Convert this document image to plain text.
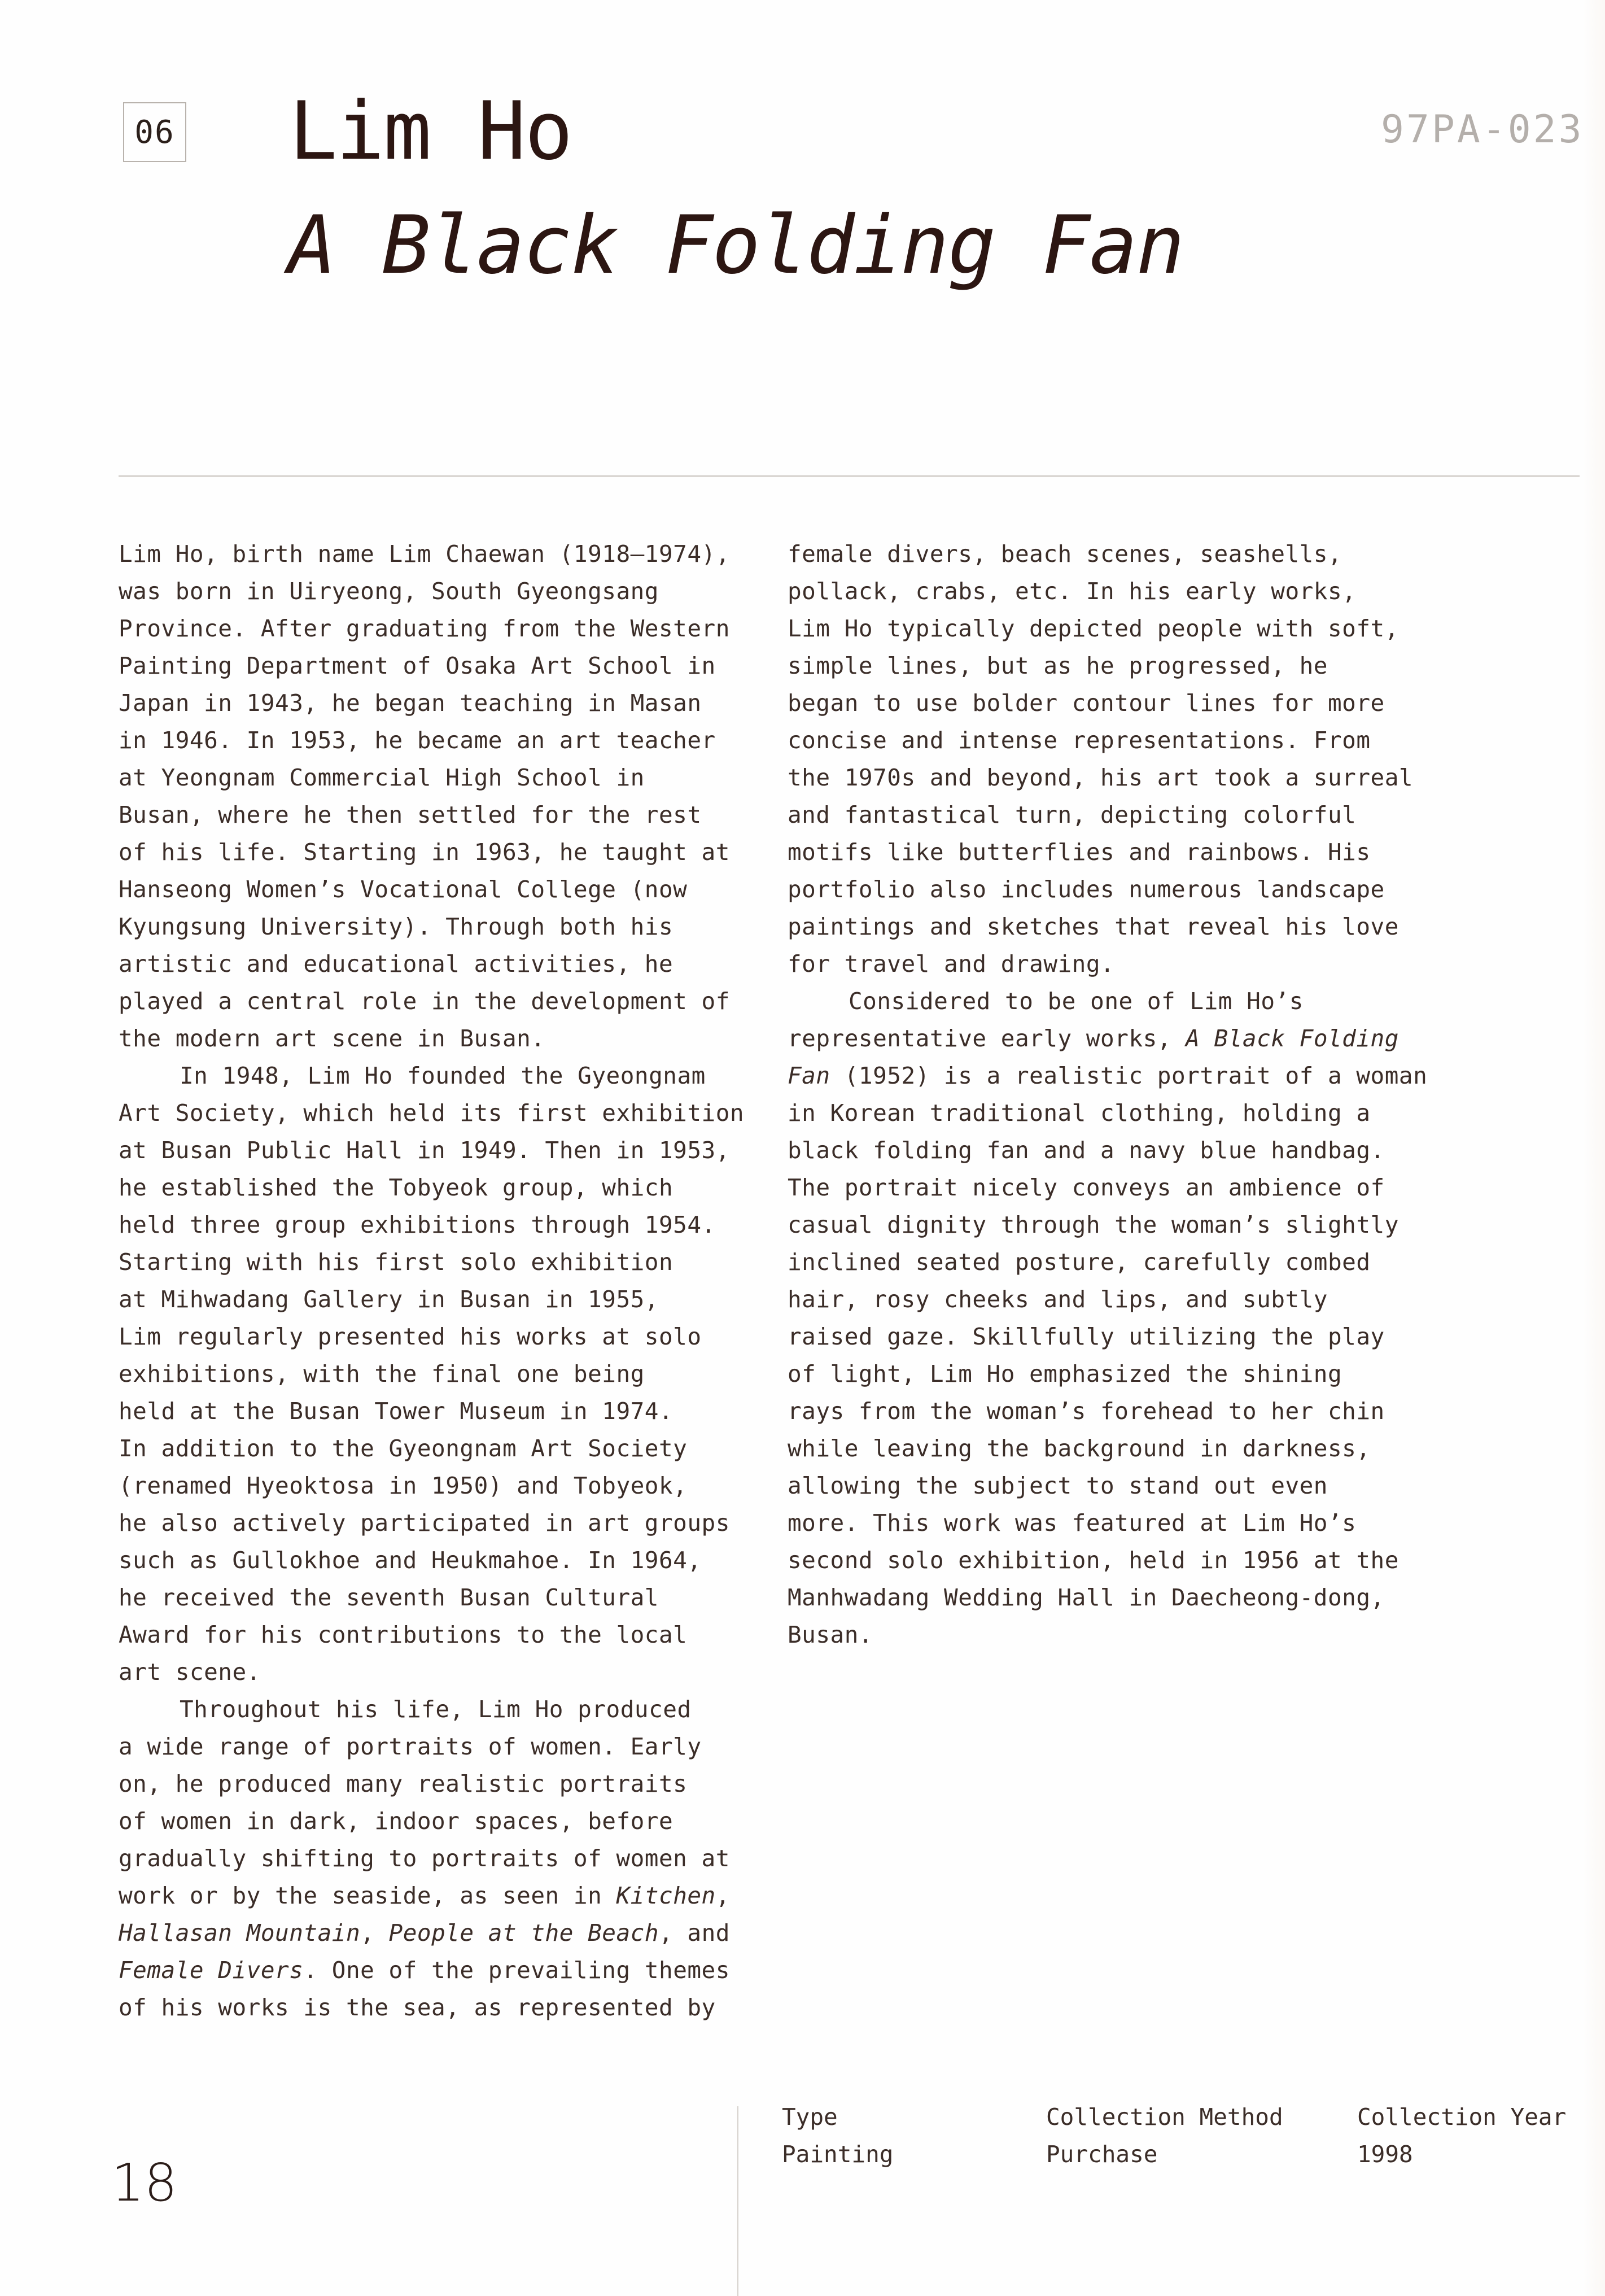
06 Lim Ho
A Black Folding Fan
97PA-023

Lim Ho, birth name Lim Chaewan (1918–1974),
was born in Uiryeong, South Gyeongsang
Province. After graduating from the Western
Painting Department of Osaka Art School in
Japan in 1943, he began teaching in Masan
in 1946. In 1953, he became an art teacher
at Yeongnam Commercial High School in
Busan, where he then settled for the rest
of his life. Starting in 1963, he taught at
Hanseong Women’s Vocational College (now
Kyungsung University). Through both his
artistic and educational activities, he
played a central role in the development of
the modern art scene in Busan.

In 1948, Lim Ho founded the Gyeongnam
Art Society, which held its first exhibition
at Busan Public Hall in 1949. Then in 1953,
he established the Tobyeok group, which
held three group exhibitions through 1954.
Starting with his first solo exhibition
at Mihwadang Gallery in Busan in 1955,
Lim regularly presented his works at solo
exhibitions, with the final one being
held at the Busan Tower Museum in 1974.
In addition to the Gyeongnam Art Society
(renamed Hyeoktosa in 1950) and Tobyeok,
he also actively participated in art groups
such as Gullokhoe and Heukmahoe. In 1964,
he received the seventh Busan Cultural
Award for his contributions to the local
art scene.

Throughout his life, Lim Ho produced
a wide range of portraits of women. Early
on, he produced many realistic portraits
of women in dark, indoor spaces, before
gradually shifting to portraits of women at
work or by the seaside, as seen in Kitchen,
Hallasan Mountain, People at the Beach, and
Female Divers. One of the prevailing themes
of his works is the sea, as represented by

female divers, beach scenes, seashells,
pollack, crabs, etc. In his early works,
Lim Ho typically depicted people with soft,
simple lines, but as he progressed, he
began to use bolder contour lines for more
concise and intense representations. From
the 1970s and beyond, his art took a surreal
and fantastical turn, depicting colorful
motifs like butterflies and rainbows. His
portfolio also includes numerous landscape
paintings and sketches that reveal his love
for travel and drawing.

Considered to be one of Lim Ho’s
representative early works, A Black Folding
Fan (1952) is a realistic portrait of a woman
in Korean traditional clothing, holding a
black folding fan and a navy blue handbag.
The portrait nicely conveys an ambience of
casual dignity through the woman’s slightly
inclined seated posture, carefully combed
hair, rosy cheeks and lips, and subtly
raised gaze. Skillfully utilizing the play
of light, Lim Ho emphasized the shining
rays from the woman’s forehead to her chin
while leaving the background in darkness,
allowing the subject to stand out even
more. This work was featured at Lim Ho’s
second solo exhibition, held in 1956 at the
Manhwadang Wedding Hall in Daecheong-dong,
Busan.

18
Type
Painting
Collection Method
Purchase
Collection Year
1998
